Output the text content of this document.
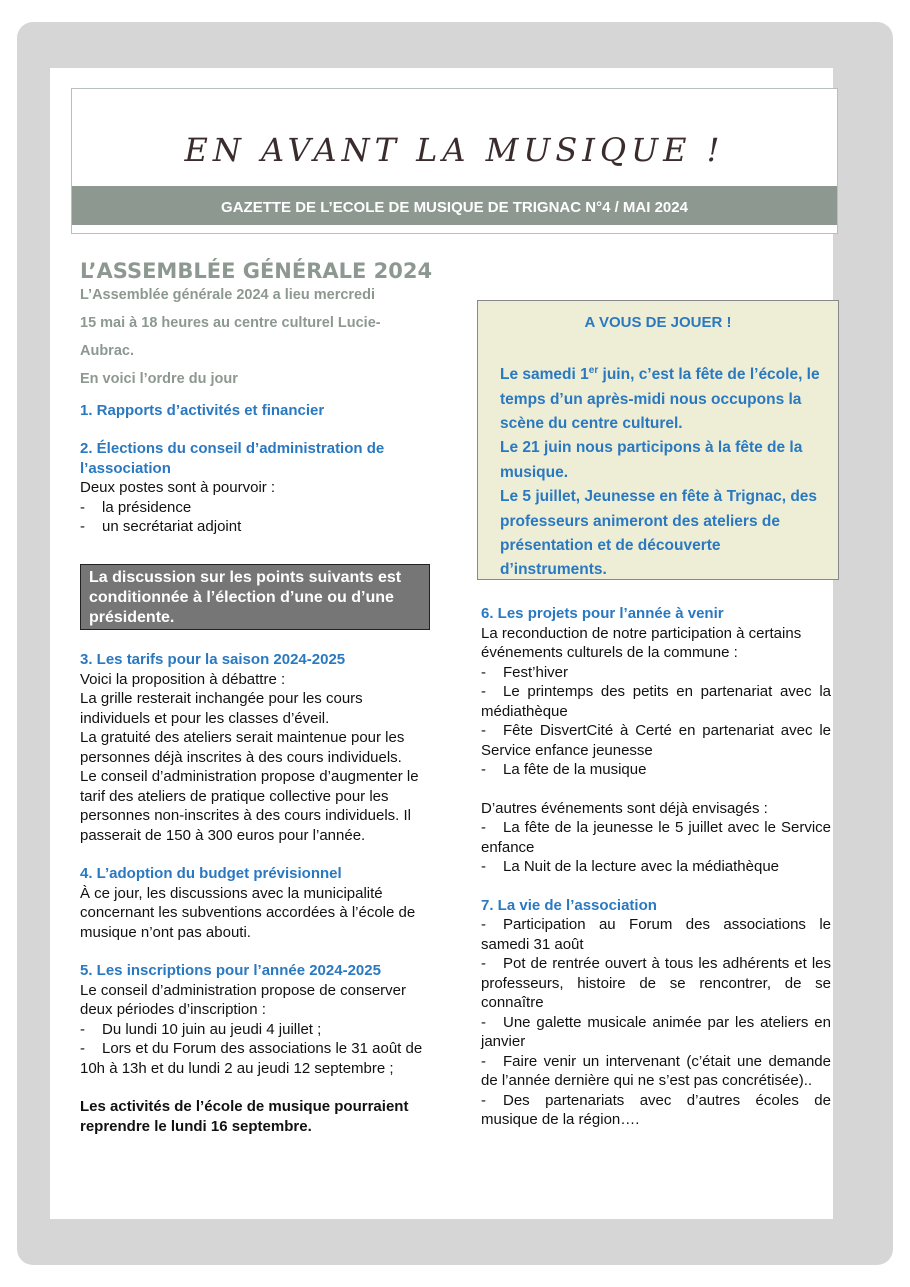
EN AVANT LA MUSIQUE !
GAZETTE DE L’ECOLE DE MUSIQUE DE TRIGNAC N°4 / MAI 2024
L’ASSEMBLÉE GÉNÉRALE 2024
L’Assemblée générale 2024 a lieu mercredi
15 mai à 18 heures au centre culturel Lucie-
Aubrac.
En voici l’ordre du jour
1. Rapports d’activités et financier
2. Élections du conseil d’administration de l’association
Deux postes sont à pourvoir :
-	la présidence
-	un secrétariat adjoint
La discussion sur les points suivants est conditionnée à l’élection d’une ou d’une présidente.
3. Les tarifs pour la saison 2024-2025
Voici la proposition à débattre :
La grille resterait inchangée pour les cours individuels et pour les classes d’éveil.
La gratuité des ateliers serait maintenue pour les personnes déjà inscrites à des cours individuels.
Le conseil d’administration propose d’augmenter le tarif des ateliers de pratique collective pour les personnes non-inscrites à des cours individuels. Il passerait de 150 à 300 euros pour l’année.
4. L’adoption du budget prévisionnel
À ce jour, les discussions avec la municipalité concernant les subventions accordées à l’école de musique n’ont pas abouti.
5. Les inscriptions pour l’année 2024-2025
Le conseil d’administration propose de conserver deux périodes d’inscription :
-	Du lundi 10 juin au jeudi 4 juillet ;
- Lors et du Forum des associations le 31 août de 10h à 13h et du lundi 2 au jeudi 12 septembre ;
Les activités de l’école de musique pourraient reprendre le lundi 16 septembre.
A VOUS DE JOUER !
Le samedi 1er juin, c’est la fête de l’école, le temps d’un après-midi nous occupons la scène du centre culturel.
Le 21 juin nous participons à la fête de la musique.
Le 5 juillet, Jeunesse en fête à Trignac, des professeurs animeront des ateliers de présentation et de découverte d’instruments.
6. Les projets pour l’année à venir
La reconduction de notre participation à certains événements culturels de la commune :
- Fest’hiver
- Le printemps des petits en partenariat avec la médiathèque
- Fête DisvertCité à Certé en partenariat avec le Service enfance jeunesse
- La fête de la musique
D’autres événements sont déjà envisagés :
- La fête de la jeunesse le 5 juillet avec le Service enfance
- La Nuit de la lecture avec la médiathèque
7. La vie de l’association
- Participation au Forum des associations le samedi 31 août
- Pot de rentrée ouvert à tous les adhérents et les professeurs, histoire de se rencontrer, de se connaître
- Une galette musicale animée par les ateliers en janvier
- Faire venir un intervenant (c’était une demande de l’année dernière qui ne s’est pas concrétisée)..
- Des partenariats avec d’autres écoles de musique de la région….
